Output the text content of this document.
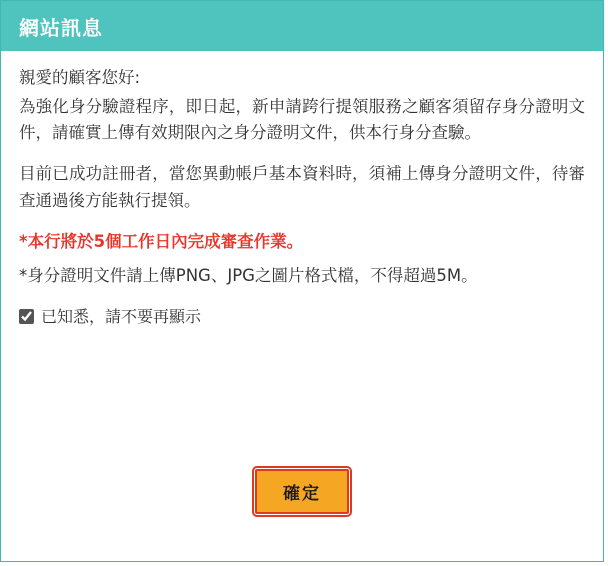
網站訊息

親愛的顧客您好:

為強化身分驗證程序，即日起，新申請跨行提領服務之顧客須留存身分證明文件，請確實上傳有效期限內之身分證明文件，供本行身分查驗。

目前已成功註冊者，當您異動帳戶基本資料時，須補上傳身分證明文件，待審查通過後方能執行提領。

*本行將於5個工作日內完成審查作業。

*身分證明文件請上傳PNG、JPG之圖片格式檔，不得超過5M。

已知悉，請不要再顯示
確定
